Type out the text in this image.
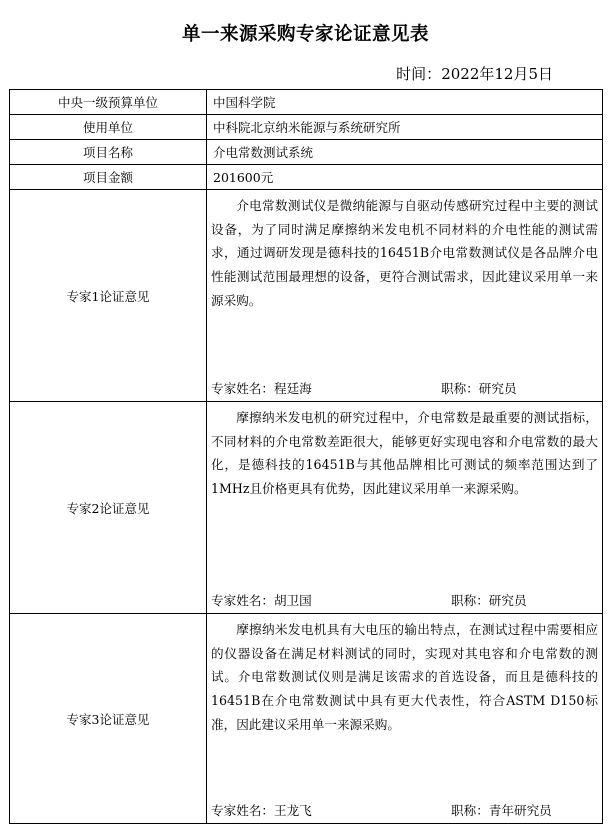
单一来源采购专家论证意见表
时间：2022年12月5日
中央一级预算单位	中国科学院
使用单位	中科院北京纳米能源与系统研究所
项目名称	介电常数测试系统
项目金额	201600元
专家1论证意见	介电常数测试仪是微纳能源与自驱动传感研究过程中主要的测试设备，为了同时满足摩擦纳米发电机不同材料的介电性能的测试需求，通过调研发现是德科技的16451B介电常数测试仪是各品牌介电性能测试范围最理想的设备，更符合测试需求，因此建议采用单一来源采购。
专家姓名：程廷海 职称：研究员

专家2论证意见	摩擦纳米发电机的研究过程中，介电常数是最重要的测试指标，不同材料的介电常数差距很大，能够更好实现电容和介电常数的最大化，是德科技的16451B与其他品牌相比可测试的频率范围达到了1MHz且价格更具有优势，因此建议采用单一来源采购。
专家姓名：胡卫国 职称：研究员

专家3论证意见	摩擦纳米发电机具有大电压的输出特点，在测试过程中需要相应的仪器设备在满足材料测试的同时，实现对其电容和介电常数的测试。介电常数测试仪则是满足该需求的首选设备，而且是德科技的16451B在介电常数测试中具有更大代表性，符合ASTM D150标准，因此建议采用单一来源采购。
专家姓名：王龙飞 职称：青年研究员
